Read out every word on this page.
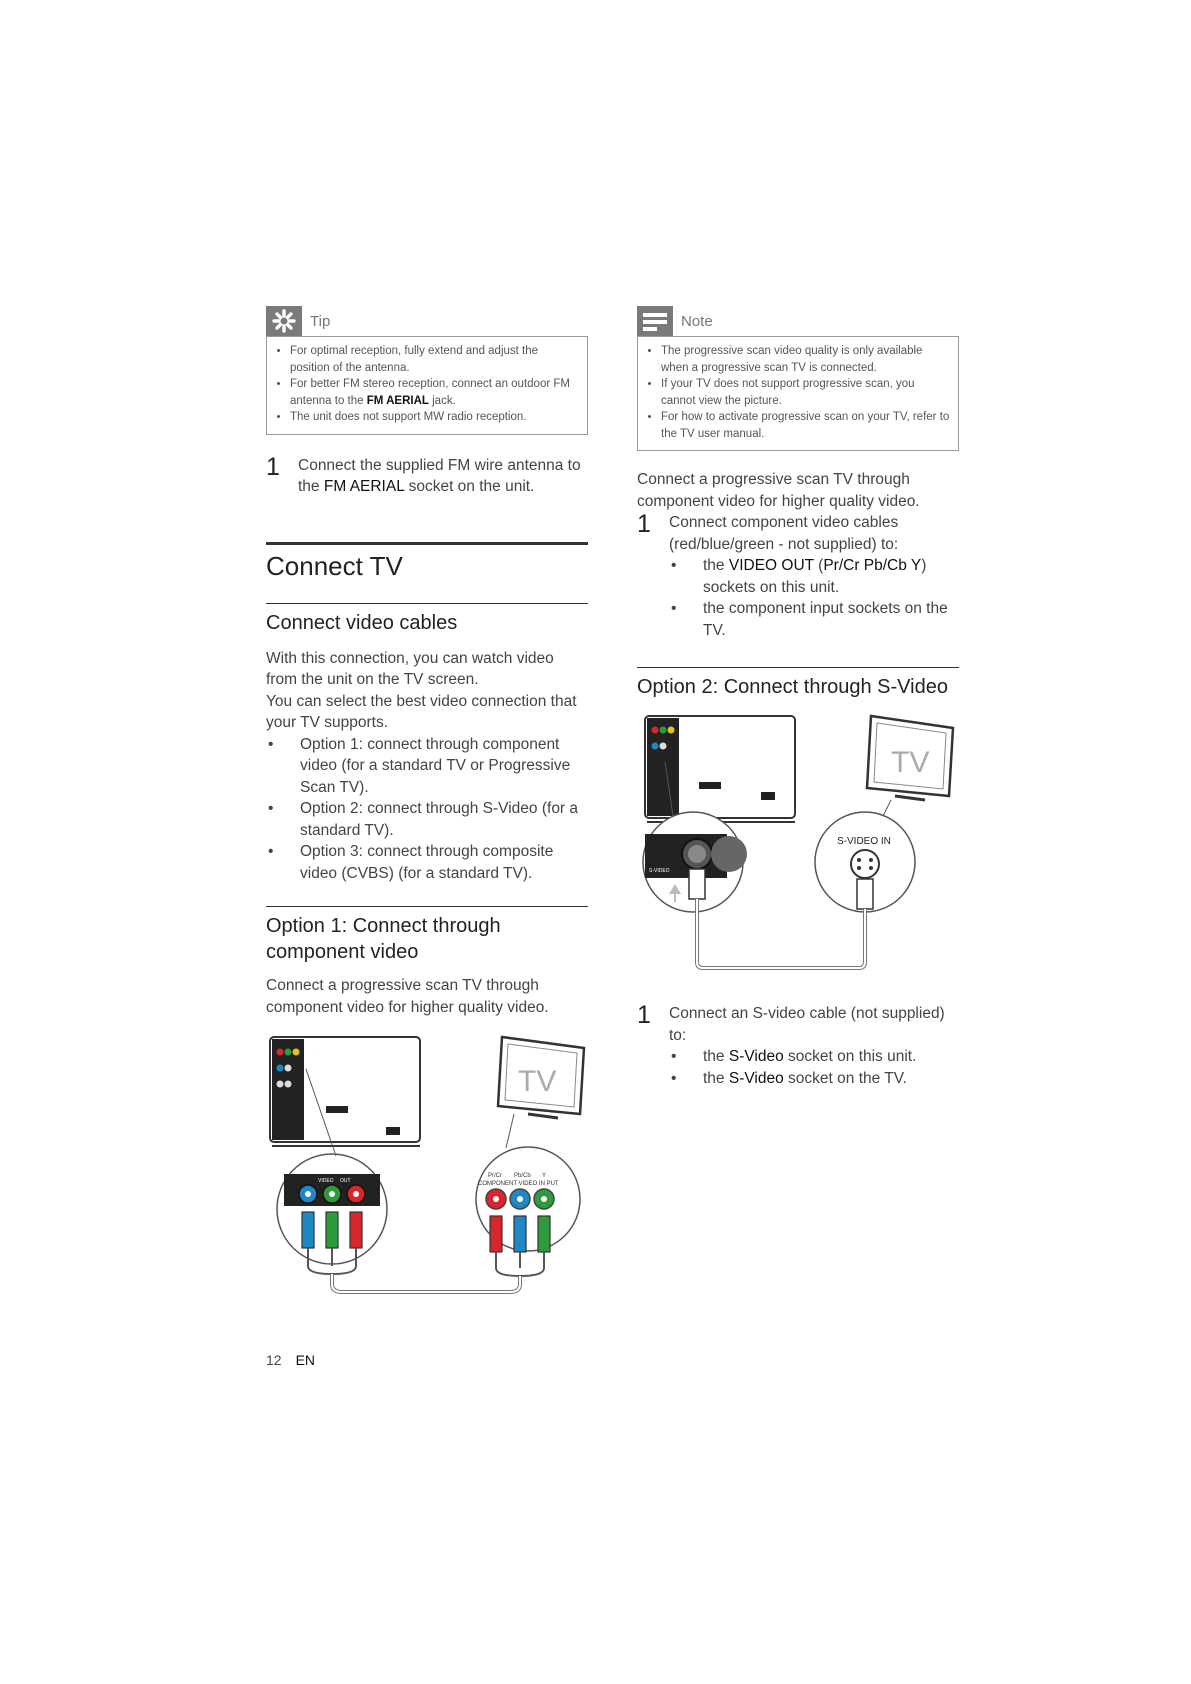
Tip
• For optimal reception, fully extend and adjust the position of the antenna.
• For better FM stereo reception, connect an outdoor FM antenna to the FM AERIAL jack.
• The unit does not support MW radio reception.
1	Connect the supplied FM wire antenna to the FM AERIAL socket on the unit.
Connect TV
Connect video cables
With this connection, you can watch video from the unit on the TV screen.
You can select the best video connection that your TV supports.
•	Option 1: connect through component video (for a standard TV or Progressive Scan TV).
•	Option 2: connect through S-Video (for a standard TV).
•	Option 3: connect through composite video (CVBS) (for a standard TV).
Option 1: Connect through component video
Connect a progressive scan TV through component video for higher quality video.
TV
VIDEO OUT
Pr/Cr Pb/Cb Y
COMPONENT VIDEO IN PUT
Note
• The progressive scan video quality is only available when a progressive scan TV is connected.
• If your TV does not support progressive scan, you cannot view the picture.
• For how to activate progressive scan on your TV, refer to the TV user manual.
Connect a progressive scan TV through component video for higher quality video.
1	Connect component video cables (red/blue/green - not supplied) to:
•	the VIDEO OUT (Pr/Cr Pb/Cb Y) sockets on this unit.
•	the component input sockets on the TV.
Option 2: Connect through S-Video
TV
S-VIDEO
S-VIDEO IN
1	Connect an S-video cable (not supplied) to:
•	the S-Video socket on this unit.
•	the S-Video socket on the TV.
12 EN
